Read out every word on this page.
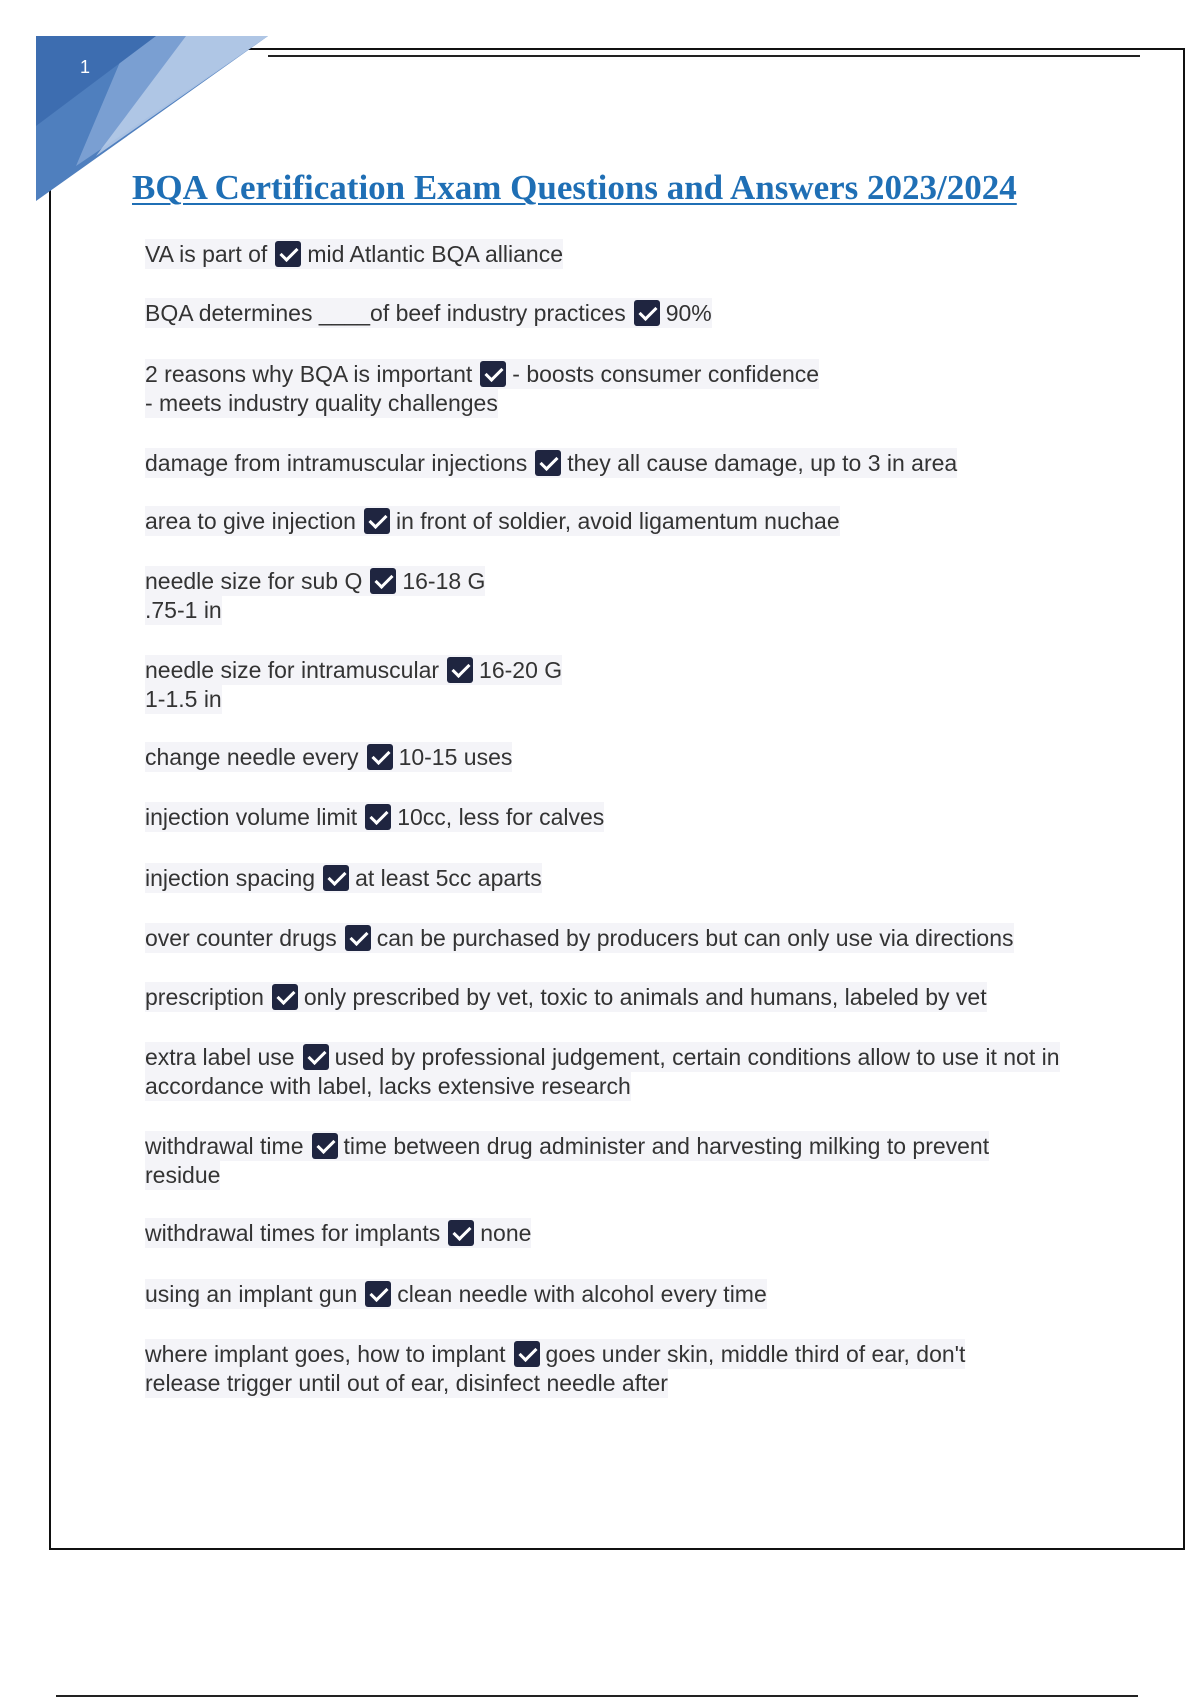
1
BQA Certification Exam Questions and Answers 2023/2024
VA is part of mid Atlantic BQA alliance
BQA determines ____of beef industry practices 90%
2 reasons why BQA is important - boosts consumer confidence
- meets industry quality challenges
damage from intramuscular injections they all cause damage, up to 3 in area
area to give injection in front of soldier, avoid ligamentum nuchae
needle size for sub Q 16-18 G
.75-1 in
needle size for intramuscular 16-20 G
1-1.5 in
change needle every 10-15 uses
injection volume limit 10cc, less for calves
injection spacing at least 5cc aparts
over counter drugs can be purchased by producers but can only use via directions
prescription only prescribed by vet, toxic to animals and humans, labeled by vet
extra label use used by professional judgement, certain conditions allow to use it not in accordance with label, lacks extensive research
withdrawal time time between drug administer and harvesting milking to prevent residue
withdrawal times for implants none
using an implant gun clean needle with alcohol every time
where implant goes, how to implant goes under skin, middle third of ear, don't release trigger until out of ear, disinfect needle after
